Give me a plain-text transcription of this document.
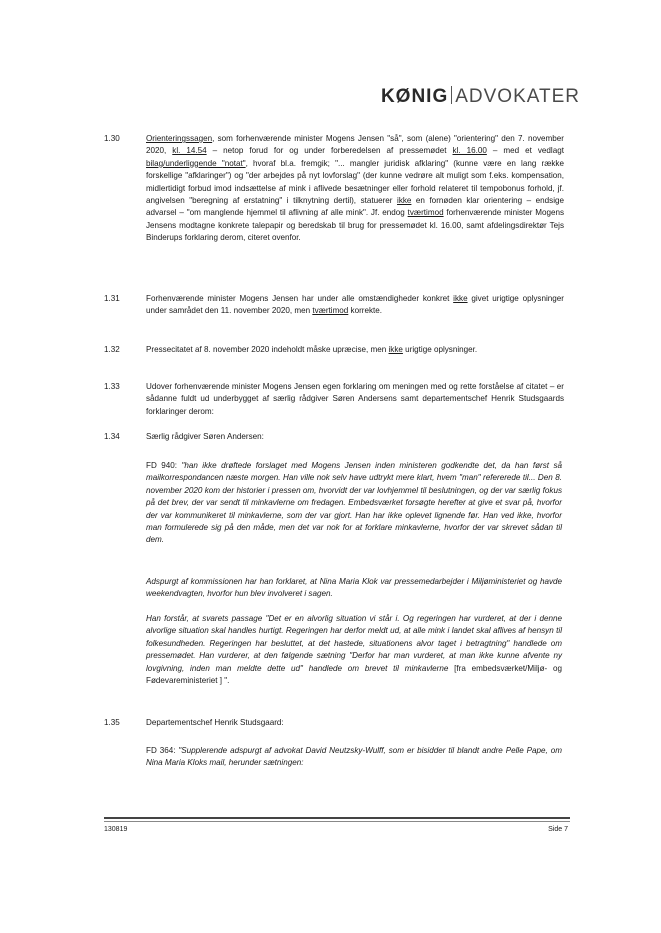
KØNIG ADVOKATER
1.30	Orienteringssagen, som forhenværende minister Mogens Jensen "så", som (alene) "orientering" den 7. november 2020, kl. 14.54 – netop forud for og under forberedelsen af pressemødet kl. 16.00 – med et vedlagt bilag/underliggende "notat", hvoraf bl.a. fremgik; "... mangler juridisk afklaring" (kunne være en lang række forskellige "afklaringer") og "der arbejdes på nyt lovforslag" (der kunne vedrøre alt muligt som f.eks. kompensation, midlertidigt forbud imod indsættelse af mink i aflivede besætninger eller forhold relateret til tempobonus forhold, jf. angivelsen "beregning af erstatning" i tilknytning dertil), statuerer ikke en fornøden klar orientering – endsige advarsel – "om manglende hjemmel til aflivning af alle mink". Jf. endog tværtimod forhenværende minister Mogens Jensens modtagne konkrete talepapir og beredskab til brug for pressemødet kl. 16.00, samt afdelingsdirektør Tejs Binderups forklaring derom, citeret ovenfor.
1.31	Forhenværende minister Mogens Jensen har under alle omstændigheder konkret ikke givet urigtige oplysninger under samrådet den 11. november 2020, men tværtimod korrekte.
1.32	Pressecitatet af 8. november 2020 indeholdt måske upræcise, men ikke urigtige oplysninger.
1.33	Udover forhenværende minister Mogens Jensen egen forklaring om meningen med og rette forståelse af citatet – er sådanne fuldt ud underbygget af særlig rådgiver Søren Andersens samt departementschef Henrik Studsgaards forklaringer derom:
1.34	Særlig rådgiver Søren Andersen:
FD 940: "han ikke drøftede forslaget med Mogens Jensen inden ministeren godkendte det, da han først så mailkorrespondancen næste morgen. Han ville nok selv have udtrykt mere klart, hvem "man" refererede til... Den 8. november 2020 kom der historier i pressen om, hvorvidt der var lovhjemmel til beslutningen, og der var særlig fokus på det brev, der var sendt til minkavlerne om fredagen. Embedsværket forsøgte herefter at give et svar på, hvorfor der var kommunikeret til minkavlerne, som der var gjort. Han har ikke oplevet lignende før. Han ved ikke, hvorfor man formulerede sig på den måde, men det var nok for at forklare minkavlerne, hvorfor der var skrevet sådan til dem.
Adspurgt af kommissionen har han forklaret, at Nina Maria Klok var pressemedarbejder i Miljøministeriet og havde weekendvagten, hvorfor hun blev involveret i sagen.
Han forstår, at svarets passage "Det er en alvorlig situation vi står i. Og regeringen har vurderet, at der i denne alvorlige situation skal handles hurtigt. Regeringen har derfor meldt ud, at alle mink i landet skal aflives af hensyn til folkesundheden. Regeringen har besluttet, at det hastede, situationens alvor taget i betragtning" handlede om pressemødet. Han vurderer, at den følgende sætning "Derfor har man vurderet, at man ikke kunne afvente ny lovgivning, inden man meldte dette ud" handlede om brevet til minkavlerne [fra embedsværket/Miljø- og Fødevareministeriet ] ".
1.35	Departementschef Henrik Studsgaard:
FD 364: "Supplerende adspurgt af advokat David Neutzsky-Wulff, som er bisidder til blandt andre Pelle Pape, om Nina Maria Kloks mail, herunder sætningen:
130819	Side 7
